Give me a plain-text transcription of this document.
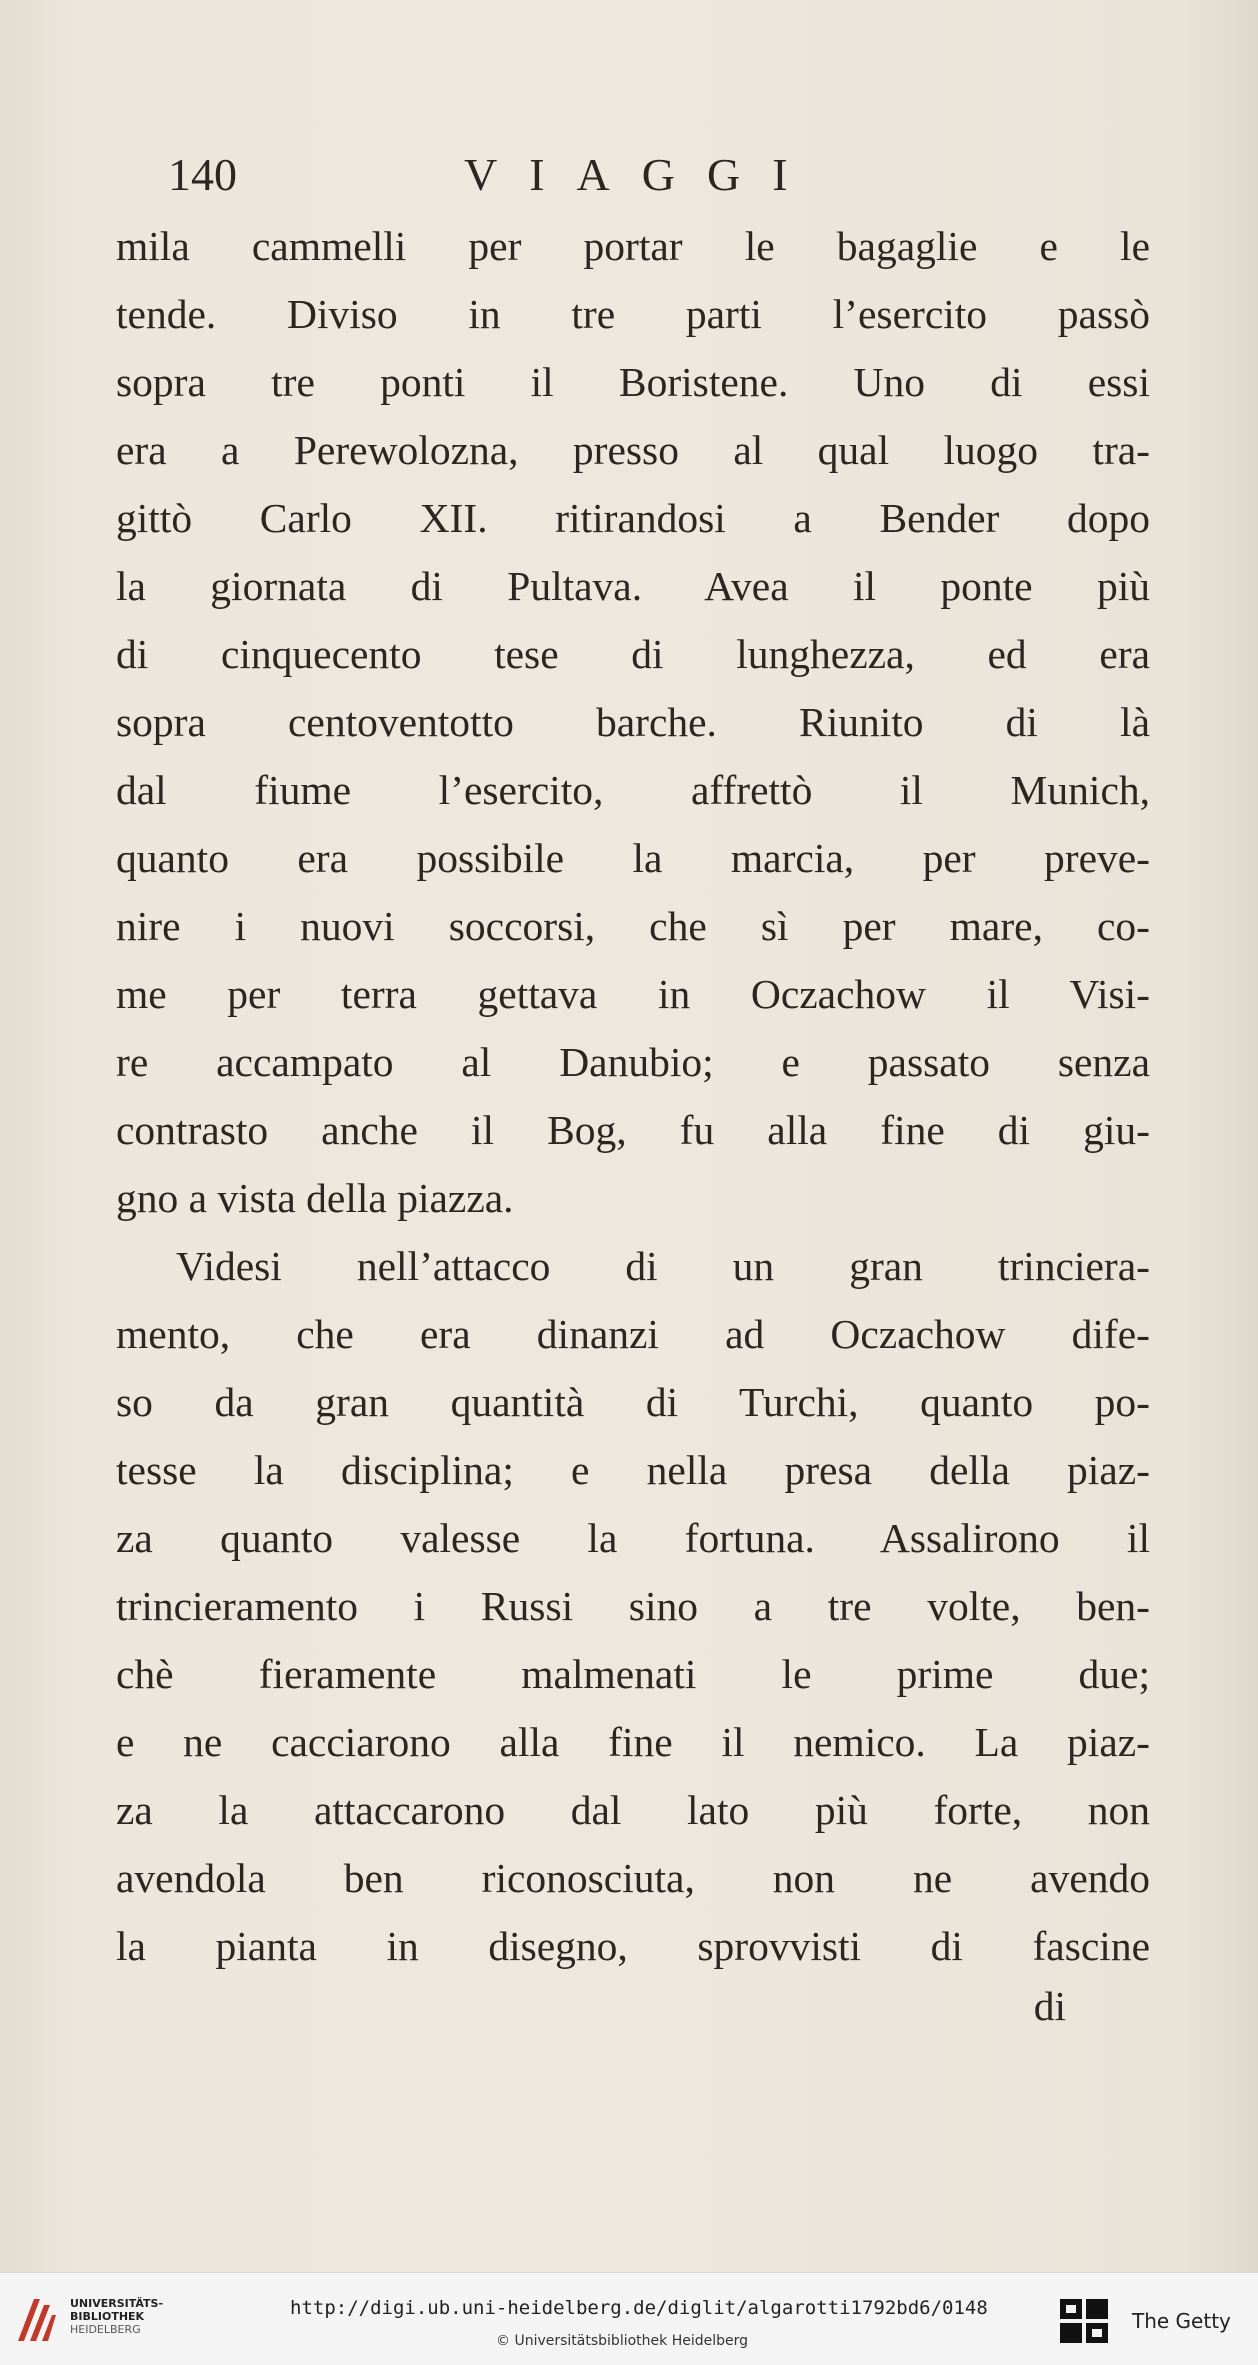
140	VIAGGI
mila cammelli per portar le bagaglie e le
tende. Diviso in tre parti l’esercito passò
sopra tre ponti il Boristene. Uno di essi
era a Perewolozna, presso al qual luogo tra-
gittò Carlo XII. ritirandosi a Bender dopo
la giornata di Pultava. Avea il ponte più
di cinquecento tese di lunghezza, ed era
sopra centoventotto barche. Riunito di là
dal fiume l’esercito, affrettò il Munich,
quanto era possibile la marcia, per preve-
nire i nuovi soccorsi, che sì per mare, co-
me per terra gettava in Oczachow il Visi-
re accampato al Danubio; e passato senza
contrasto anche il Bog, fu alla fine di giu-
gno a vista della piazza.
Videsi nell’attacco di un gran trinciera-
mento, che era dinanzi ad Oczachow dife-
so da gran quantità di Turchi, quanto po-
tesse la disciplina; e nella presa della piaz-
za quanto valesse la fortuna. Assalirono il
trincieramento i Russi sino a tre volte, ben-
chè fieramente malmenati le prime due;
e ne cacciarono alla fine il nemico. La piaz-
za la attaccarono dal lato più forte, non
avendola ben riconosciuta, non ne avendo
la pianta in disegno, sprovvisti di fascine
di
UNIVERSITÄTS-
BIBLIOTHEK
HEIDELBERG
http://digi.ub.uni-heidelberg.de/diglit/algarotti1792bd6/0148
© Universitätsbibliothek Heidelberg
The Getty
